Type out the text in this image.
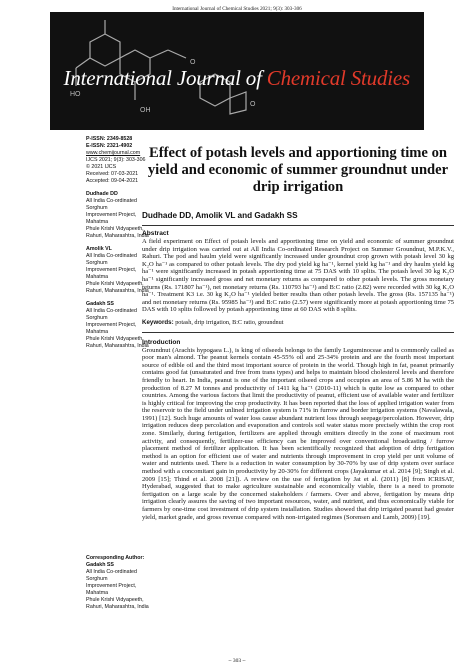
International Journal of Chemical Studies 2021; 9(3): 303-306
HO
O
OH
O
International Journal of Chemical Studies
P-ISSN: 2349-8528
E-ISSN: 2321-4902
www.chemijournal.com
IJCS 2021; 9(3): 303-306
© 2021 IJCS
Received: 07-03-2021
Accepted: 09-04-2021
Dudhade DD
All India Co-ordinated Sorghum
Improvement Project, Mahatma
Phule Krishi Vidyapeeth,
Rahuri, Maharashtra, India
Amolik VL
All India Co-ordinated Sorghum
Improvement Project, Mahatma
Phule Krishi Vidyapeeth,
Rahuri, Maharashtra, India
Gadakh SS
All India Co-ordinated Sorghum
Improvement Project, Mahatma
Phule Krishi Vidyapeeth,
Rahuri, Maharashtra, India
Corresponding Author:
Gadakh SS
All India Co-ordinated Sorghum
Improvement Project, Mahatma
Phule Krishi Vidyapeeth,
Rahuri, Maharashtra, India
Effect of potash levels and apportioning time on yield and economic of summer groundnut under drip irrigation
Dudhade DD, Amolik VL and Gadakh SS
Abstract

A field experiment on Effect of potash levels and apportioning time on yield and economic of summer groundnut under drip irrigation was carried out at All India Co-ordinated Research Project on Summer Groundnut, M.P.K.V., Rahuri. The pod and haulm yield were significantly increased under groundnut crop grown with potash level 30 kg K₂O ha⁻¹ as compared to other potash levels. The dry pod yield kg ha⁻¹, kernel yield kg ha⁻¹ and dry haulm yield kg ha⁻¹ were significantly increased in potash apportioning time at 75 DAS with 10 splits. The potash level 30 kg K₂O ha⁻¹ significantly increased gross and net monetary returns as compared to other potash levels. The gross monetary returns (Rs. 171807 ha⁻¹), net monetary returns (Rs. 110793 ha⁻¹) and B:C ratio (2.82) were recorded with 30 kg K₂O ha⁻¹. Treatment K3 i.e. 30 kg K₂O ha⁻¹ yielded better results than other potash levels. The gross (Rs. 157135 ha⁻¹) and net monetary returns (Rs. 95985 ha⁻¹) and B:C ratio (2.57) were significantly more at potash apportioning time 75 DAS with 10 splits followed by potash apportioning time at 60 DAS with 8 splits.

Keywords: potash, drip irrigation, B:C ratio, groundnut
Introduction

Groundnut (Arachis hypogaea L.), is king of oilseeds belongs to the family Leguminoceae and is commonly called as poor man's almond. The peanut kernels contain 45-55% oil and 25-34% protein and are the fourth most important source of edible oil and the third most important source of protein in the world. Though high in fat, peanut primarily contains good fat (unsaturated and free from trans types) and helps to maintain blood cholesterol levels and therefore friendly to heart. In India, peanut is one of the important oilseed crops and occupies an area of 5.86 M ha with the production of 8.27 M tonnes and productivity of 1411 kg ha⁻¹ (2010-11) which is quite low as compared to other countries. Among the various factors that limit the productivity of peanut, efficient use of available water and fertilizer is highly critical for improving the crop productivity. It has been reported that the loss of applied irrigation water from the reservoir to the field under unlined irrigation system is 71% in furrow and border irrigation systems (Navalawala, 1991) [12]. Such huge amounts of water loss cause abundant nutrient loss through seepage/percolation. However, drip irrigation reduces deep percolation and evaporation and controls soil water status more precisely within the crop root zone. Similarly, during fertigation, fertilizers are applied through emitters directly in the zone of maximum root activity, and consequently, fertilizer-use efficiency can be improved over conventional broadcasting / furrow placement method of fertilizer application. It has been scientifically recognized that adoption of drip fertigation method is an option for efficient use of water and nutrients through improvement in crop yield per unit volume of water and nutrients used. There is a reduction in water consumption by 30-70% by use of drip system over surface method with a concomitant gain in productivity by 20-30% for different crops (Jayakumar et al. 2014 [9]; Singh et al. 2009 [15]; Thind et al. 2008 [21]). A review on the use of fertigation by Jat et al. (2011) [8] from ICRISAT, Hyderabad, suggested that to make agriculture sustainable and economically viable, there is a need to promote fertigation on a large scale by the concerned stakeholders / farmers. Over and above, fertigation by means drip irrigation clearly assures the saving of two important resources, water, and nutrient, and thus economically viable for farmers by one-time cost investment of drip system installation. Studies showed that drip irrigated peanut had greater yield, market grade, and gross revenue compared with non-irrigated regimes (Sorensen and Lamb, 2009) [19].

~ 303 ~
